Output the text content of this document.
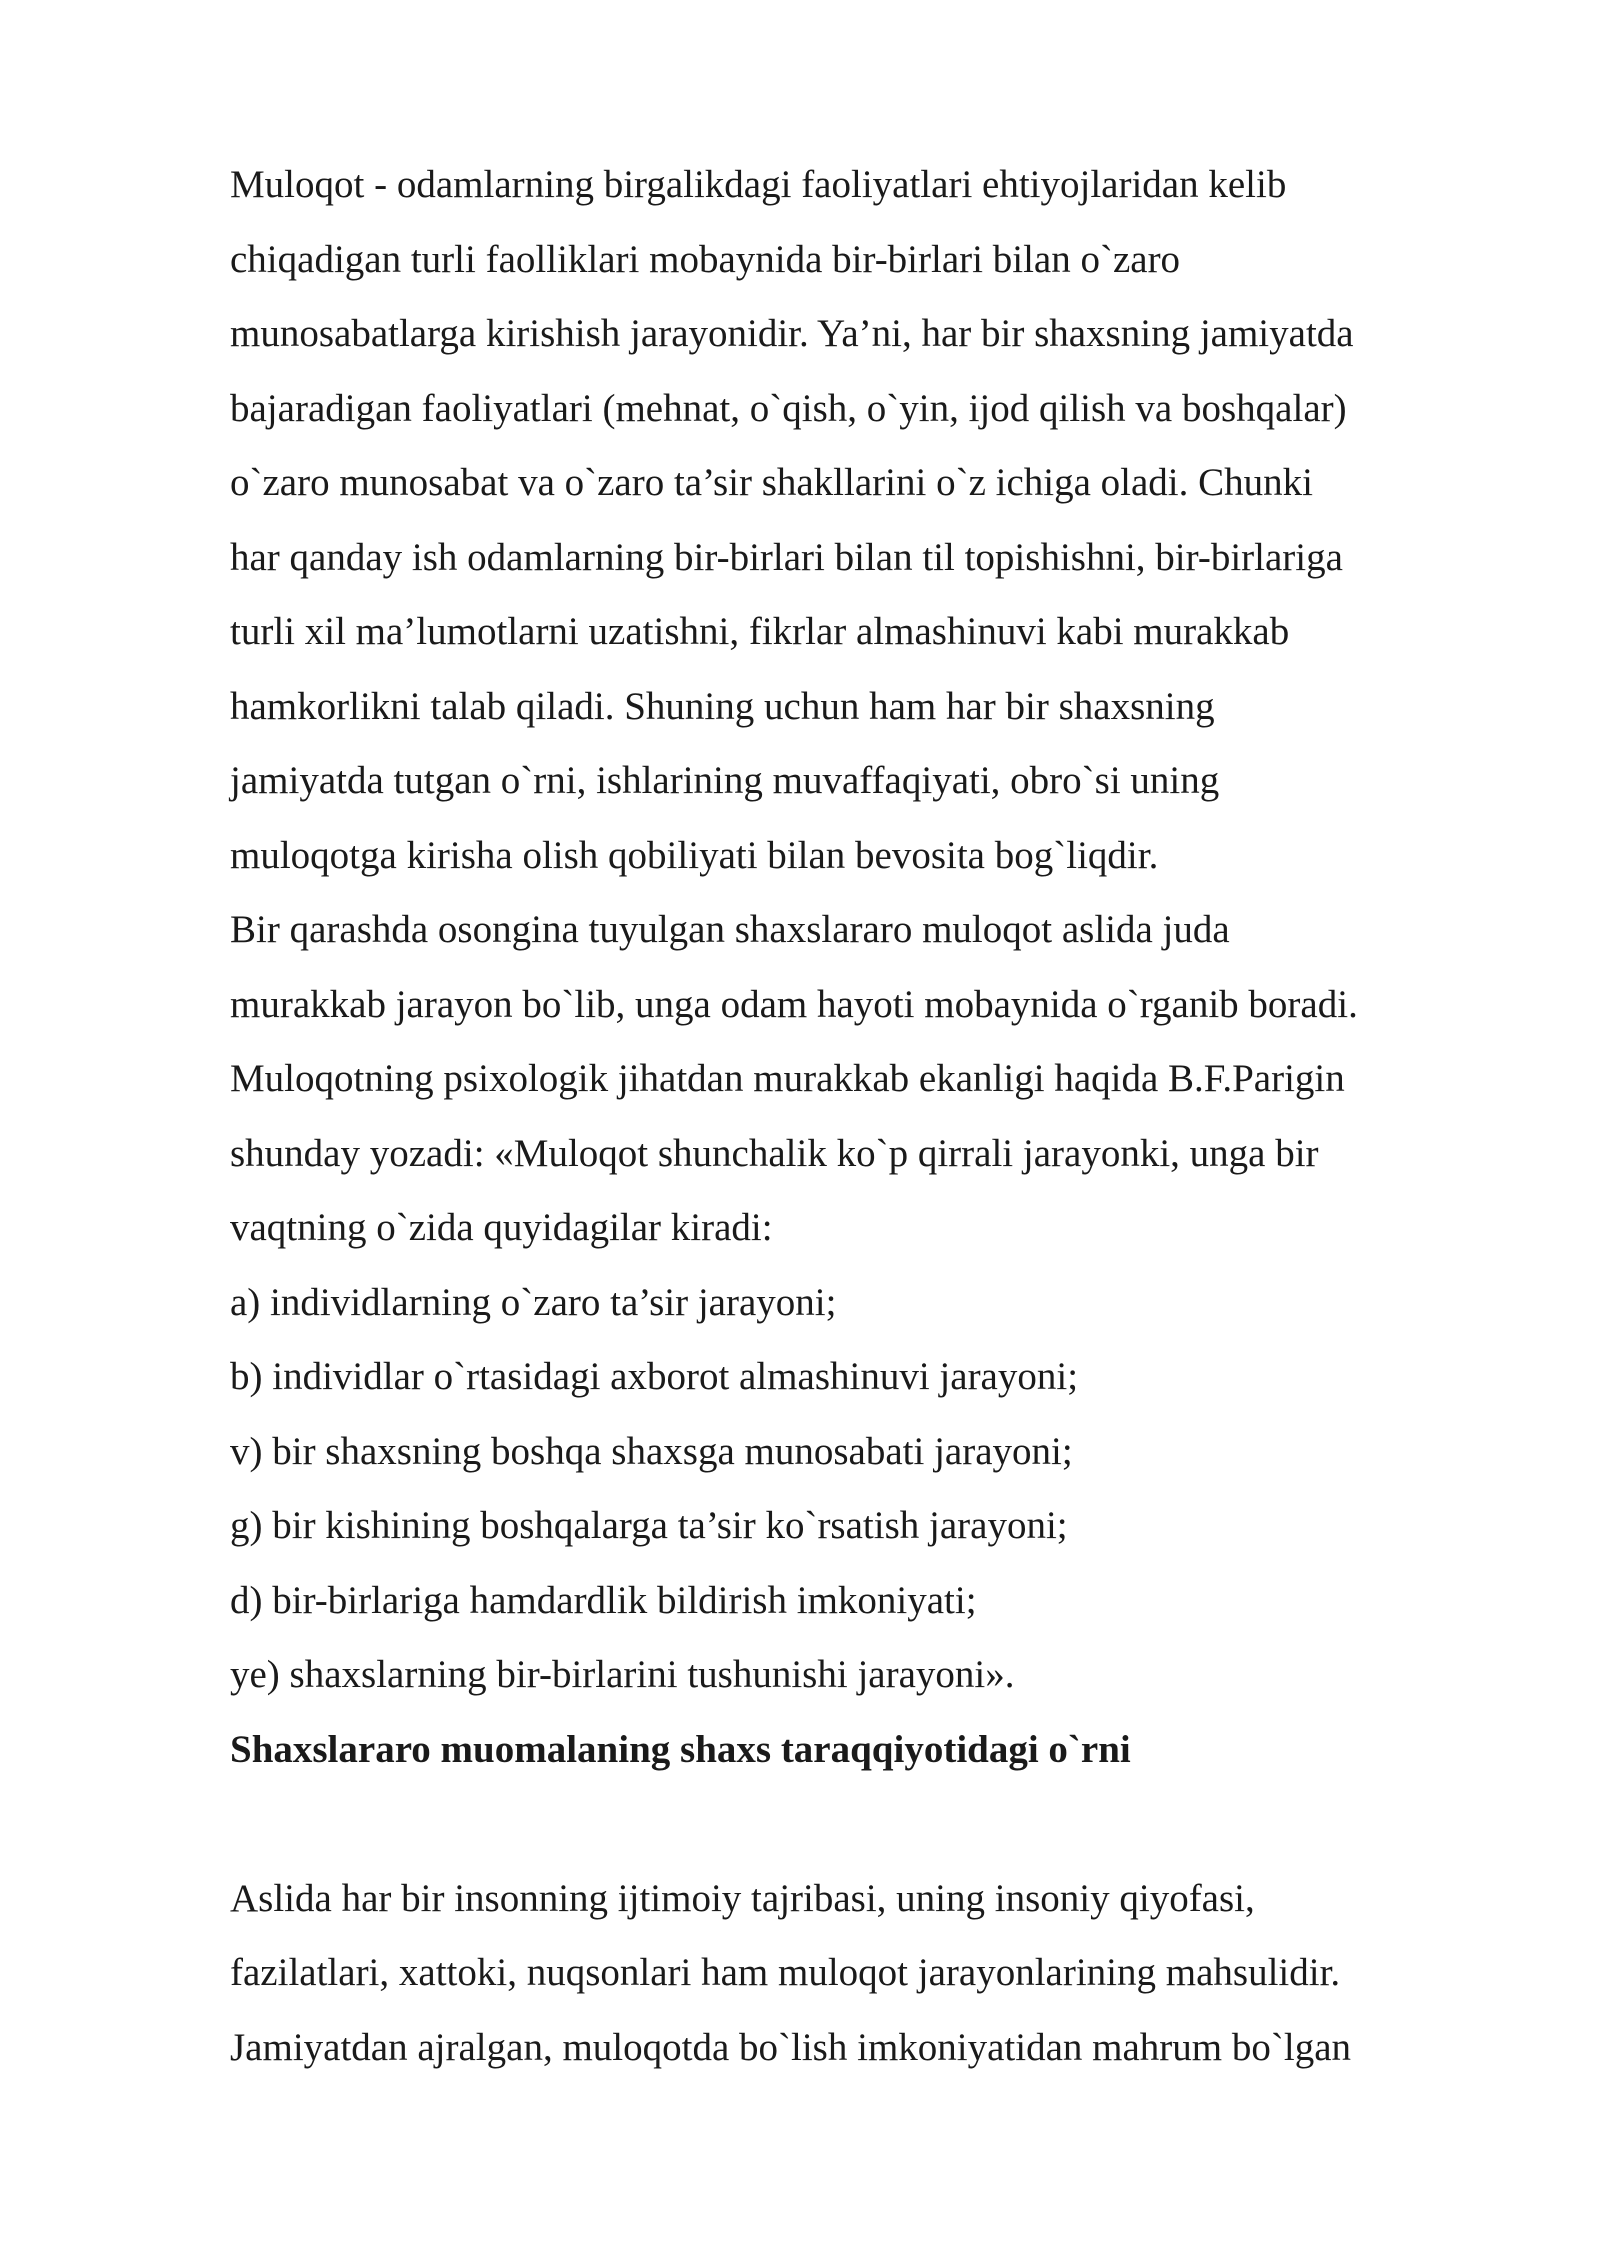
Muloqot - odamlarning birgalikdagi faoliyatlari ehtiyojlaridan kelib
chiqadigan turli faolliklari mobaynida bir-birlari bilan o`zaro
munosabatlarga kirishish jarayonidir. Ya’ni, har bir shaxsning jamiyatda
bajaradigan faoliyatlari (mehnat, o`qish, o`yin, ijod qilish va boshqalar)
o`zaro munosabat va o`zaro ta’sir shakllarini o`z ichiga oladi. Chunki
har qanday ish odamlarning bir-birlari bilan til topishishni, bir-birlariga
turli xil ma’lumotlarni uzatishni, fikrlar almashinuvi kabi murakkab
hamkorlikni talab qiladi. Shuning uchun ham har bir shaxsning
jamiyatda tutgan o`rni, ishlarining muvaffaqiyati, obro`si uning
muloqotga kirisha olish qobiliyati bilan bevosita bog`liqdir.

Bir qarashda osongina tuyulgan shaxslararo muloqot aslida juda
murakkab jarayon bo`lib, unga odam hayoti mobaynida o`rganib boradi.
Muloqotning psixologik jihatdan murakkab ekanligi haqida B.F.Parigin
shunday yozadi: «Muloqot shunchalik ko`p qirrali jarayonki, unga bir
vaqtning o`zida quyidagilar kiradi:

a) individlarning o`zaro ta’sir jarayoni;
b) individlar o`rtasidagi axborot almashinuvi jarayoni;
v) bir shaxsning boshqa shaxsga munosabati jarayoni;
g) bir kishining boshqalarga ta’sir ko`rsatish jarayoni;
d) bir-birlariga hamdardlik bildirish imkoniyati;
ye) shaxslarning bir-birlarini tushunishi jarayoni».
Shaxslararo muomalaning shaxs taraqqiyotidagi o`rni

Aslida har bir insonning ijtimoiy tajribasi, uning insoniy qiyofasi,
fazilatlari, xattoki, nuqsonlari ham muloqot jarayonlarining mahsulidir.
Jamiyatdan ajralgan, muloqotda bo`lish imkoniyatidan mahrum bo`lgan
